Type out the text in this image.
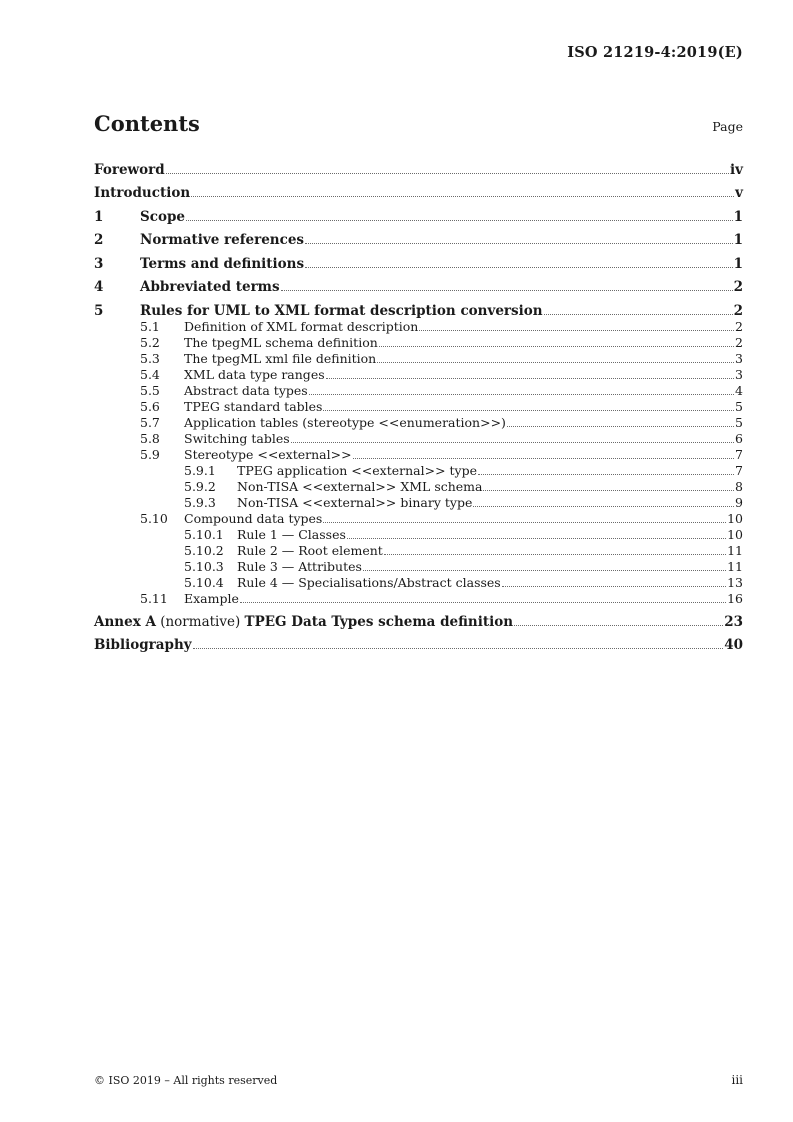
ISO 21219-4:2019(E)
Contents	Page
Foreword	iv
Introduction	v
1	Scope	1
2	Normative references	1
3	Terms and definitions	1
4	Abbreviated terms	2
5	Rules for UML to XML format description conversion	2
5.1	Definition of XML format description	2
5.2	The tpegML schema definition	2
5.3	The tpegML xml file definition	3
5.4	XML data type ranges	3
5.5	Abstract data types	4
5.6	TPEG standard tables	5
5.7	Application tables (stereotype <<enumeration>>)	5
5.8	Switching tables	6
5.9	Stereotype <<external>>	7
5.9.1	TPEG application <<external>> type	7
5.9.2	Non-TISA <<external>> XML schema	8
5.9.3	Non-TISA <<external>> binary type	9
5.10	Compound data types	10
5.10.1	Rule 1 — Classes	10
5.10.2	Rule 2 — Root element	11
5.10.3	Rule 3 — Attributes	11
5.10.4	Rule 4 — Specialisations/Abstract classes	13
5.11	Example	16
Annex A (normative) TPEG Data Types schema definition	23
Bibliography	40
© ISO 2019 – All rights reserved	iii
